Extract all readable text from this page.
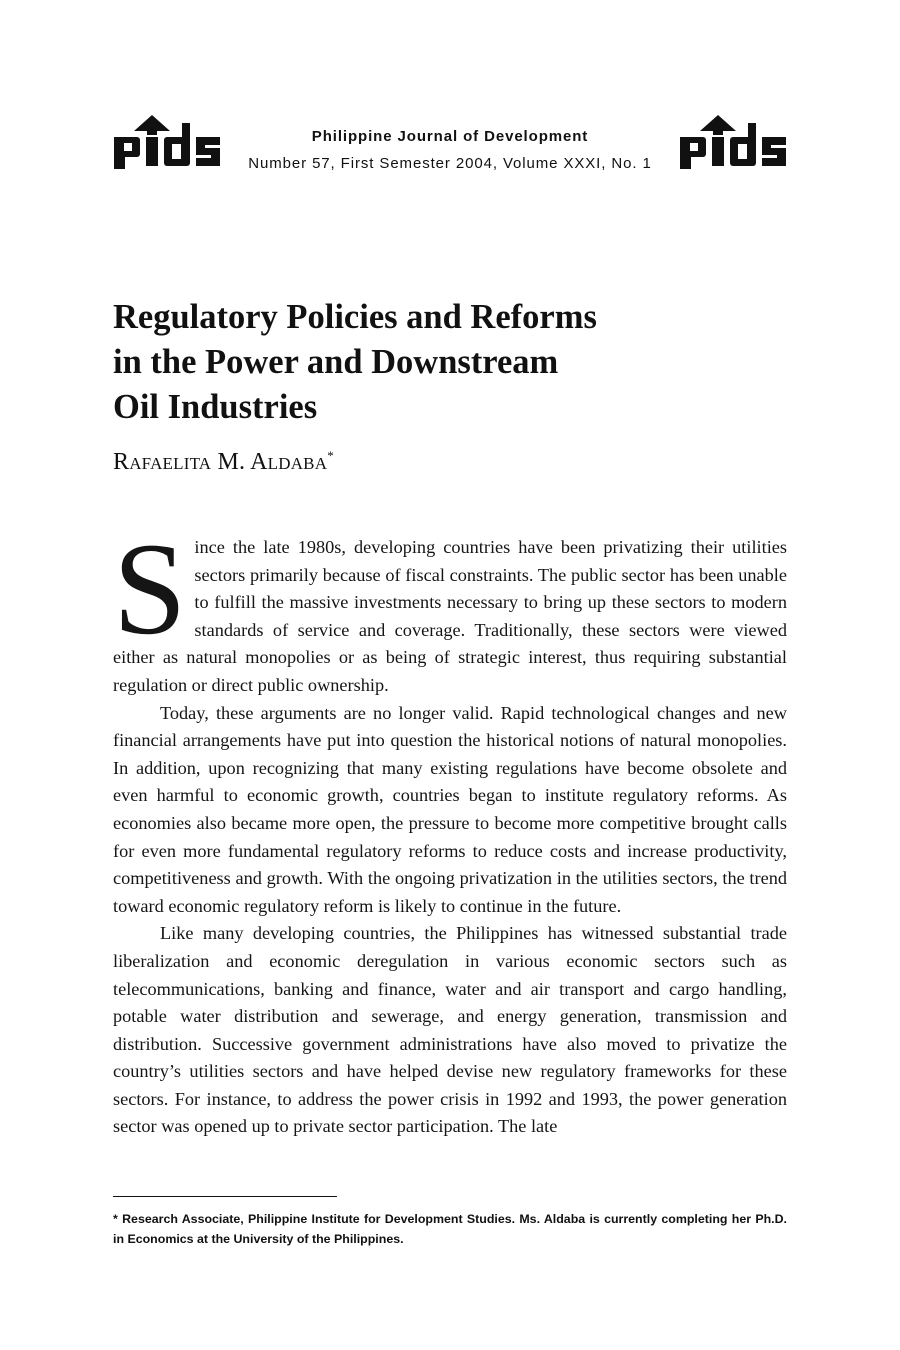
pids
Philippine Journal of Development
Number 57, First Semester 2004, Volume XXXI, No. 1
Regulatory Policies and Reforms
in the Power and Downstream
Oil Industries
Rafaelita M. Aldaba*

Since the late 1980s, developing countries have been privatizing their utilities sectors primarily because of fiscal constraints. The public sector has been unable to fulfill the massive investments necessary to bring up these sectors to modern standards of service and coverage. Traditionally, these sectors were viewed either as natural monopolies or as being of strategic interest, thus requiring substantial regulation or direct public ownership.

Today, these arguments are no longer valid. Rapid technological changes and new financial arrangements have put into question the historical notions of natural monopolies. In addition, upon recognizing that many existing regulations have become obsolete and even harmful to economic growth, countries began to institute regulatory reforms. As economies also became more open, the pressure to become more competitive brought calls for even more fundamental regulatory reforms to reduce costs and increase productivity, competitiveness and growth. With the ongoing privatization in the utilities sectors, the trend toward economic regulatory reform is likely to continue in the future.

Like many developing countries, the Philippines has witnessed substantial trade liberalization and economic deregulation in various economic sectors such as telecommunications, banking and finance, water and air transport and cargo handling, potable water distribution and sewerage, and energy generation, transmission and distribution. Successive government administrations have also moved to privatize the country’s utilities sectors and have helped devise new regulatory frameworks for these sectors. For instance, to address the power crisis in 1992 and 1993, the power generation sector was opened up to private sector participation. The late

* Research Associate, Philippine Institute for Development Studies. Ms. Aldaba is currently completing her Ph.D. in Economics at the University of the Philippines.
